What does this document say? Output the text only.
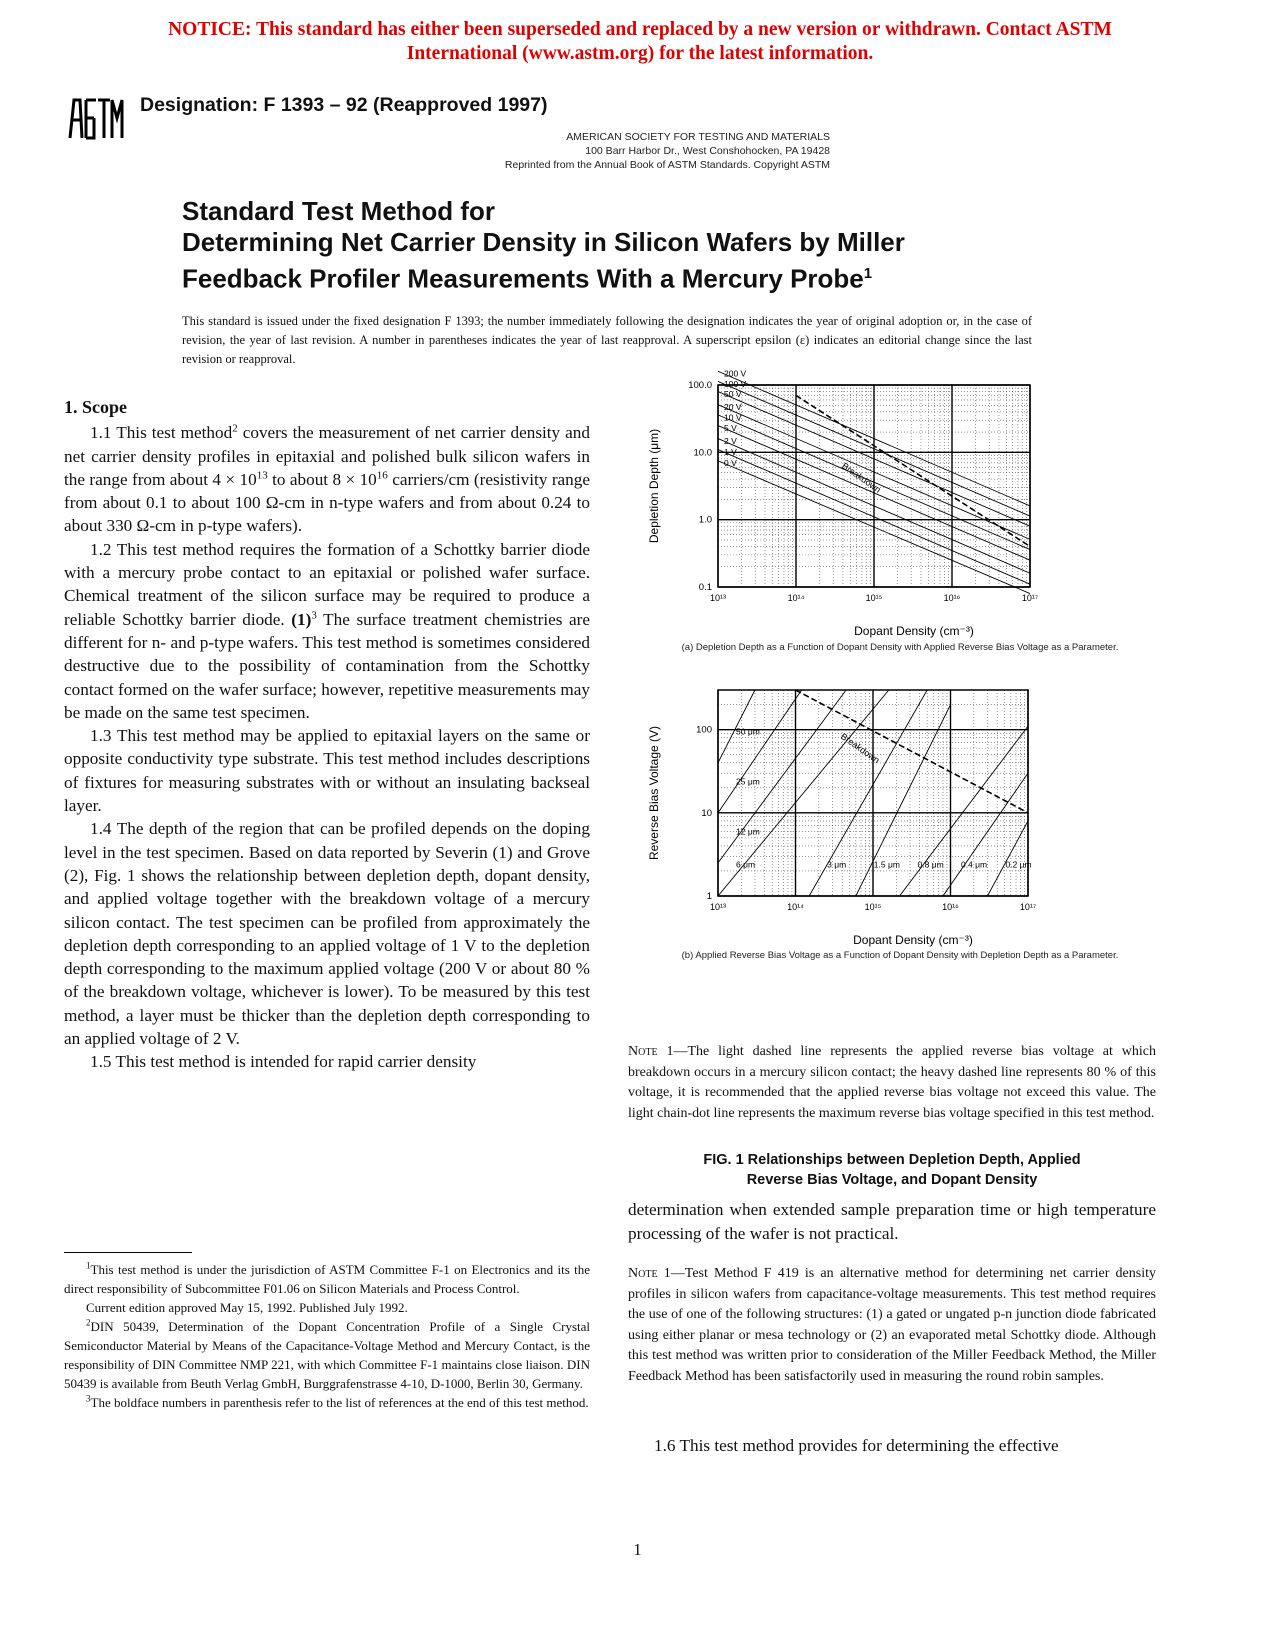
NOTICE: This standard has either been superseded and replaced by a new version or withdrawn. Contact ASTM International (www.astm.org) for the latest information.
Designation: F 1393 – 92 (Reapproved 1997)
AMERICAN SOCIETY FOR TESTING AND MATERIALS
100 Barr Harbor Dr., West Conshohocken, PA 19428
Reprinted from the Annual Book of ASTM Standards. Copyright ASTM
Standard Test Method for
Determining Net Carrier Density in Silicon Wafers by Miller
Feedback Profiler Measurements With a Mercury Probe$^1$
This standard is issued under the fixed designation F 1393; the number immediately following the designation indicates the year of original adoption or, in the case of revision, the year of last revision. A number in parentheses indicates the year of last reapproval. A superscript epsilon (ε) indicates an editorial change since the last revision or reapproval.
1. Scope

1.1 This test method$^2$ covers the measurement of net carrier density and net carrier density profiles in epitaxial and polished bulk silicon wafers in the range from about $4 \times 10^{13}$ to about $8 \times 10^{16}$ carriers/cm (resistivity range from about 0.1 to about 100 Ω-cm in n-type wafers and from about 0.24 to about 330 Ω-cm in p-type wafers).

1.2 This test method requires the formation of a Schottky barrier diode with a mercury probe contact to an epitaxial or polished wafer surface. Chemical treatment of the silicon surface may be required to produce a reliable Schottky barrier diode. $(1)^3$ The surface treatment chemistries are different for n- and p-type wafers. This test method is sometimes considered destructive due to the possibility of contamination from the Schottky contact formed on the wafer surface; however, repetitive measurements may be made on the same test specimen.

1.3 This test method may be applied to epitaxial layers on the same or opposite conductivity type substrate. This test method includes descriptions of fixtures for measuring substrates with or without an insulating backseal layer.

1.4 The depth of the region that can be profiled depends on the doping level in the test specimen. Based on data reported by Severin (1) and Grove (2), Fig. 1 shows the relationship between depletion depth, dopant density, and applied voltage together with the breakdown voltage of a mercury silicon contact. The test specimen can be profiled from approximately the depletion depth corresponding to an applied voltage of 1 V to the depletion depth corresponding to the maximum applied voltage (200 V or about 80 % of the breakdown voltage, whichever is lower). To be measured by this test method, a layer must be thicker than the depletion depth corresponding to an applied voltage of 2 V.

1.5 This test method is intended for rapid carrier density

$^1$This test method is under the jurisdiction of ASTM Committee F-1 on Electronics and its the direct responsibility of Subcommittee F01.06 on Silicon Materials and Process Control.

Current edition approved May 15, 1992. Published July 1992.

$^2$DIN 50439, Determination of the Dopant Concentration Profile of a Single Crystal Semiconductor Material by Means of the Capacitance-Voltage Method and Mercury Contact, is the responsibility of DIN Committee NMP 221, with which Committee F-1 maintains close liaison. DIN 50439 is available from Beuth Verlag GmbH, Burggrafenstrasse 4-10, D-1000, Berlin 30, Germany.

$^3$The boldface numbers in parenthesis refer to the list of references at the end of this test method.

10¹³	10¹⁴	10¹⁵	10¹⁶	10¹⁷
0.1
1.0
10.0
100.0
200 V
100 V
50 V
20 V
10 V
5 V
2 V
1 V
0 V	Breakdown
Dopant Density (cm⁻³)
Depletion Depth (μm)
(a) Depletion Depth as a Function of Dopant Density with Applied Reverse Bias Voltage as a Parameter.
10¹³	10¹⁴	10¹⁵	10¹⁶	10¹⁷
1
10
100	50 μm
25 μm
12 μm
6 μm	3 μm	1.5 μm 0.8 μm 0.4 μm 0.2 μm
Breakdown
Dopant Density (cm⁻³)
Reverse Bias Voltage (V)
(b) Applied Reverse Bias Voltage as a Function of Dopant Density with Depletion Depth as a Parameter.
Note 1—The light dashed line represents the applied reverse bias voltage at which breakdown occurs in a mercury silicon contact; the heavy dashed line represents 80 % of this voltage, it is recommended that the applied reverse bias voltage not exceed this value. The light chain-dot line represents the maximum reverse bias voltage specified in this test method.
FIG. 1 Relationships between Depletion Depth, Applied
Reverse Bias Voltage, and Dopant Density

determination when extended sample preparation time or high temperature processing of the wafer is not practical.

Note 1—Test Method F 419 is an alternative method for determining net carrier density profiles in silicon wafers from capacitance-voltage measurements. This test method requires the use of one of the following structures: (1) a gated or ungated p-n junction diode fabricated using either planar or mesa technology or (2) an evaporated metal Schottky diode. Although this test method was written prior to consideration of the Miller Feedback Method, the Miller Feedback Method has been satisfactorily used in measuring the round robin samples.
1.6 This test method provides for determining the effective
1
